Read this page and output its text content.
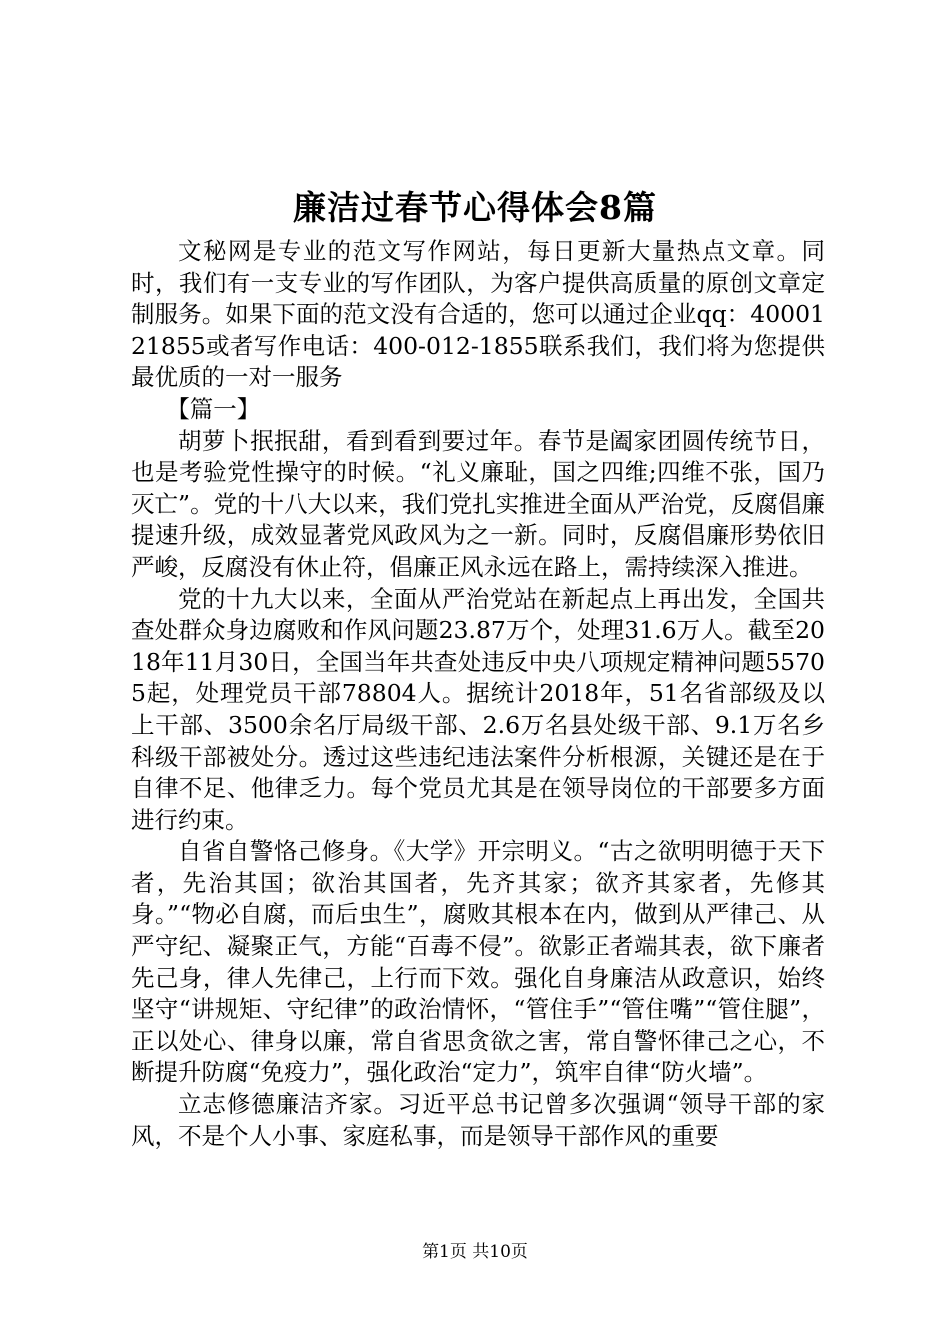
廉洁过春节心得体会8篇

文秘网是专业的范文写作网站，每日更新大量热点文章。同时，我们有一支专业的写作团队，为客户提供高质量的原创文章定制服务。如果下面的范文没有合适的，您可以通过企业qq：4000121855或者写作电话：400-012-1855联系我们，我们将为您提供最优质的一对一服务

【篇一】

胡萝卜抿抿甜，看到看到要过年。春节是阖家团圆传统节日，也是考验党性操守的时候。“礼义廉耻，国之四维;四维不张，国乃灭亡”。党的十八大以来，我们党扎实推进全面从严治党，反腐倡廉提速升级，成效显著党风政风为之一新。同时，反腐倡廉形势依旧严峻，反腐没有休止符，倡廉正风永远在路上，需持续深入推进。

党的十九大以来，全面从严治党站在新起点上再出发，全国共查处群众身边腐败和作风问题23.87万个，处理31.6万人。截至2018年11月30日，全国当年共查处违反中央八项规定精神问题55705起，处理党员干部78804人。据统计2018年，51名省部级及以上干部、3500余名厅局级干部、2.6万名县处级干部、9.1万名乡科级干部被处分。透过这些违纪违法案件分析根源，关键还是在于自律不足、他律乏力。每个党员尤其是在领导岗位的干部要多方面进行约束。

自省自警恪己修身。《大学》开宗明义。“古之欲明明德于天下者，先治其国；欲治其国者，先齐其家；欲齐其家者，先修其身。”“物必自腐，而后虫生”，腐败其根本在内，做到从严律己、从严守纪、凝聚正气，方能“百毒不侵”。欲影正者端其表，欲下廉者先己身，律人先律己，上行而下效。强化自身廉洁从政意识，始终坚守“讲规矩、守纪律”的政治情怀，“管住手”“管住嘴”“管住腿”，正以处心、律身以廉，常自省思贪欲之害，常自警怀律己之心，不断提升防腐“免疫力”，强化政治“定力”，筑牢自律“防火墙”。

立志修德廉洁齐家。习近平总书记曾多次强调“领导干部的家风，不是个人小事、家庭私事，而是领导干部作风的重要

第1页 共10页
